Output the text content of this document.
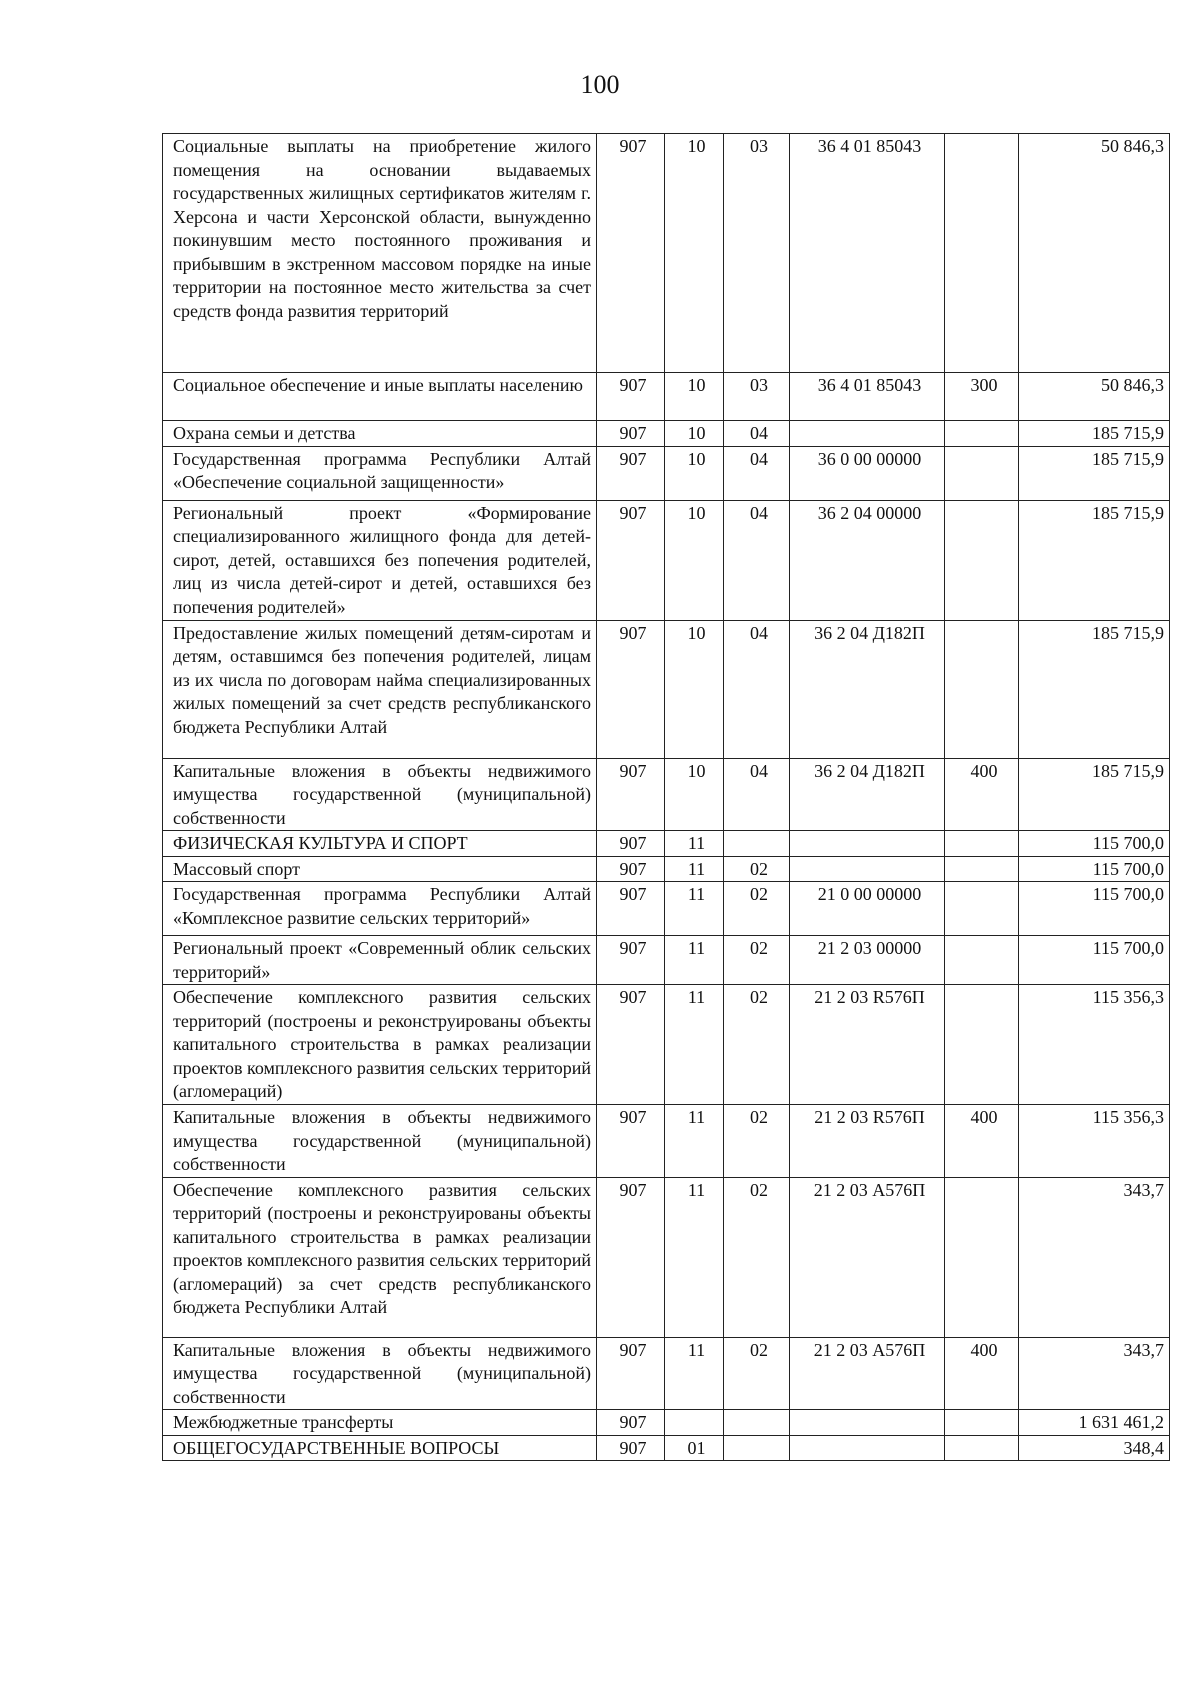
100
Социальные выплаты на приобретение жилого помещения на основании выдаваемых государственных жилищных сертификатов жителям г. Херсона и части Херсонской области, вынужденно покинувшим место постоянного проживания и прибывшим в экстренном массовом порядке на иные территории на постоянное место жительства за счет средств фонда развития территорий	907	10	03	36 4 01 85043		50 846,3
Социальное обеспечение и иные выплаты населению	907	10	03	36 4 01 85043	300	50 846,3
Охрана семьи и детства	907	10	04			185 715,9
Государственная программа Республики Алтай «Обеспечение социальной защищенности»	907	10	04	36 0 00 00000		185 715,9
Региональный проект «Формирование специализированного жилищного фонда для детей-сирот, детей, оставшихся без попечения родителей, лиц из числа детей-сирот и детей, оставшихся без попечения родителей»	907	10	04	36 2 04 00000		185 715,9
Предоставление жилых помещений детям-сиротам и детям, оставшимся без попечения родителей, лицам из их числа по договорам найма специализированных жилых помещений за счет средств республиканского бюджета Республики Алтай	907	10	04	36 2 04 Д182П		185 715,9
Капитальные вложения в объекты недвижимого имущества государственной (муниципальной) собственности	907	10	04	36 2 04 Д182П	400	185 715,9
ФИЗИЧЕСКАЯ КУЛЬТУРА И СПОРТ	907	11				115 700,0
Массовый спорт	907	11	02			115 700,0
Государственная программа Республики Алтай «Комплексное развитие сельских территорий»	907	11	02	21 0 00 00000		115 700,0
Региональный проект «Современный облик сельских территорий»	907	11	02	21 2 03 00000		115 700,0
Обеспечение комплексного развития сельских территорий (построены и реконструированы объекты капитального строительства в рамках реализации проектов комплексного развития сельских территорий (агломераций)	907	11	02	21 2 03 R576П		115 356,3
Капитальные вложения в объекты недвижимого имущества государственной (муниципальной) собственности	907	11	02	21 2 03 R576П	400	115 356,3
Обеспечение комплексного развития сельских территорий (построены и реконструированы объекты капитального строительства в рамках реализации проектов комплексного развития сельских территорий (агломераций) за счет средств республиканского бюджета Республики Алтай	907	11	02	21 2 03 А576П		343,7
Капитальные вложения в объекты недвижимого имущества государственной (муниципальной) собственности	907	11	02	21 2 03 А576П	400	343,7
Межбюджетные трансферты	907					1 631 461,2
ОБЩЕГОСУДАРСТВЕННЫЕ ВОПРОСЫ	907	01				348,4
